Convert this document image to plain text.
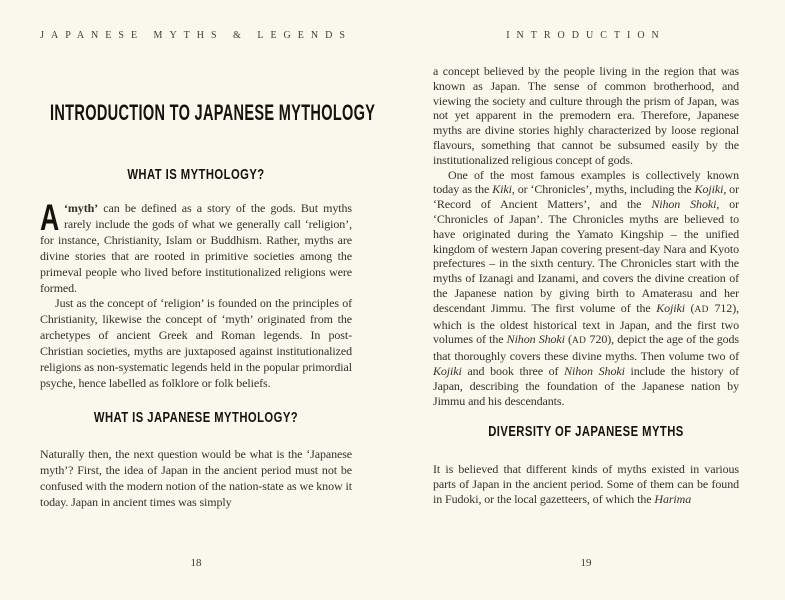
JAPANESE MYTHS & LEGENDS
INTRODUCTION TO JAPANESE MYTHOLOGY
WHAT IS MYTHOLOGY?

A ‘myth’ can be defined as a story of the gods. But myths rarely include the gods of what we generally call ‘religion’, for instance, Christianity, Islam or Buddhism. Rather, myths are divine stories that are rooted in primitive societies among the primeval people who lived before institutionalized religions were formed.

Just as the concept of ‘religion’ is founded on the principles of Christianity, likewise the concept of ‘myth’ originated from the archetypes of ancient Greek and Roman legends. In post-Christian societies, myths are juxtaposed against institutionalized religions as non-systematic legends held in the popular primordial psyche, hence labelled as folklore or folk beliefs.

WHAT IS JAPANESE MYTHOLOGY?

Naturally then, the next question would be what is the ‘Japanese myth’? First, the idea of Japan in the ancient period must not be confused with the modern notion of the nation-state as we know it today. Japan in ancient times was simply

18
INTRODUCTION

a concept believed by the people living in the region that was known as Japan. The sense of common brotherhood, and viewing the society and culture through the prism of Japan, was not yet apparent in the premodern era. Therefore, Japanese myths are divine stories highly characterized by loose regional flavours, something that cannot be subsumed easily by the institutionalized religious concept of gods.

One of the most famous examples is collectively known today as the Kiki, or ‘Chronicles’, myths, including the Kojiki, or ‘Record of Ancient Matters’, and the Nihon Shoki, or ‘Chronicles of Japan’. The Chronicles myths are believed to have originated during the Yamato Kingship – the unified kingdom of western Japan covering present-day Nara and Kyoto prefectures – in the sixth century. The Chronicles start with the myths of Izanagi and Izanami, and covers the divine creation of the Japanese nation by giving birth to Amaterasu and her descendant Jimmu. The first volume of the Kojiki (AD 712), which is the oldest historical text in Japan, and the first two volumes of the Nihon Shoki (AD 720), depict the age of the gods that thoroughly covers these divine myths. Then volume two of Kojiki and book three of Nihon Shoki include the history of Japan, describing the foundation of the Japanese nation by Jimmu and his descendants.

DIVERSITY OF JAPANESE MYTHS

It is believed that different kinds of myths existed in various parts of Japan in the ancient period. Some of them can be found in Fudoki, or the local gazetteers, of which the Harima

19
